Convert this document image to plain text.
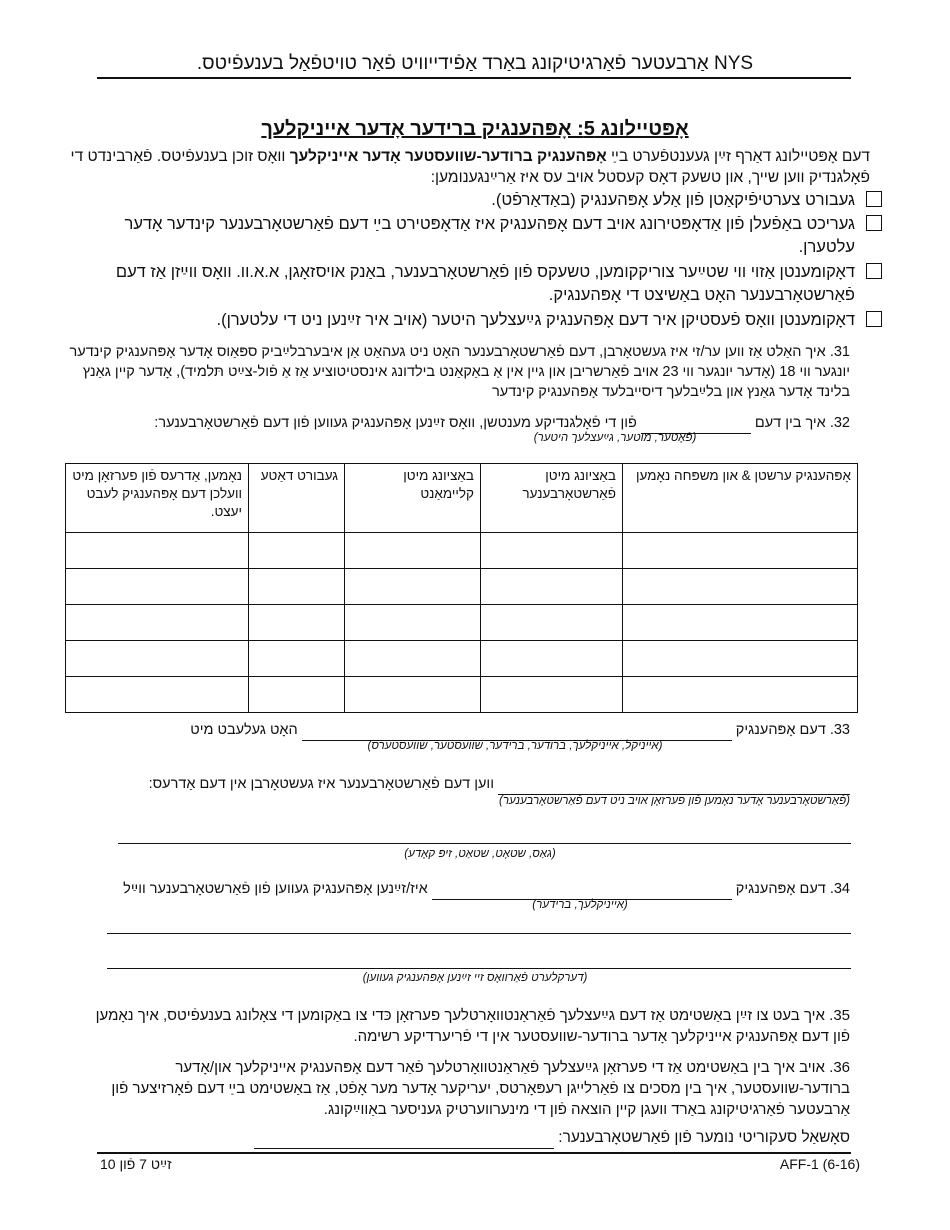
NYS אַרבעטער פֿאַרגיטיקונג באַרד אַפֿידייוויט פֿאַר טויטפֿאַל בענעפֿיטס.
אָפּטיילונג 5: אָפּהענגיק ברידער אָדער אייניקלעך
דעם אָפּטיילונג דאַרף זײַן געענטפֿערט בײַ אָפּהענגיק ברודער-שוועסטער אָדער אייניקלעך וואָס זוכן בענעפֿיטס. פֿאַרבינדט די פֿאָלגנדיק ווען שייך, און טשעק דאָס קעסטל אויב עס איז אַרײַנגענומען:
געבורט צערטיפֿיקאַטן פֿון אַלע אָפּהענגיק (באַדאַרפֿט).
געריכט באַפֿעלן פֿון אַדאָפּטירונג אויב דעם אָפּהענגיק איז אַדאָפּטירט בײַ דעם פֿאַרשטאָרבענער קינדער אָדער עלטערן.
דאָקומענטן אַזוי ווי שטײַער צוריקקומען, טשעקס פֿון פֿאַרשטאָרבענער, באַנק אויסזאָגן, א.א.וו. וואָס ווײַזן אַז דעם פֿאַרשטאָרבענער האָט באַשיצט די אָפּהענגיק.
דאָקומענטן וואָס פֿעסטיקן איר דעם אָפּהענגיק גײַעצלעך היטער (אויב איר זײַנען ניט די עלטערן).
31. איך האַלט אַז ווען ער/זי איז געשטאָרבן, דעם פֿאַרשטאָרבענער האָט ניט געהאַט אַן איבערבלײַביק ספּאַוס אָדער אָפּהענגיק קינדער יונגער ווי 18 (אָדער יונגער ווי 23 אויב פֿאַרשריבן און גיין אין אַ באַקאַנט בילדונג אינסטיטוציע אַז אַ פֿול-צײַט תּלמיד), אָדער קיין גאַנץ בלינד אָדער גאַנץ און בלײַבלעך דיסייבלעד אָפּהענגיק קינדער
32. איך בין דעם   פֿון די פֿאָלגנדיקע מענטשן, וואָס זײַנען אָפּהענגיק געווען פֿון דעם פֿאַרשטאָרבענער:
(פֿאָטער, מוטער, גײַעצלעך היטער)
אָפּהענגיק ערשטן & און משפּחה נאָמען	באַציונג מיטן פֿאַרשטאָרבענער	באַציונג מיטן קליימאַנט	געבורט דאַטע	נאָמען, אַדרעס פֿון פערזאָן מיט וועלכן דעם אָפּהענגיק לעבט יעצט.

33. דעם אָפּהענגיק   האָט געלעבט מיט
(אייניקל, אייניקלעך, ברודער, ברידער, שוועסטער, שוועסטערס)
ווען דעם פֿאַרשטאָרבענער איז געשטאָרבן אין דעם אַדרעס:
(פֿאַרשטאָרבענער אָדער נאָמען פֿון פערזאָן אויב ניט דעם פֿאַרשטאָרבענער)
(גאַס, שטאָט, שטאַט, זיפּ קאָדע)
34. דעם אָפּהענגיק   איז/זײַנען אָפּהענגיק געווען פֿון פֿאַרשטאָרבענער ווײַל
(אייניקלעך, ברידער)
(דערקלערט פֿאַרוואָס זיי זײַנען אָפּהענגיק געווען)
35. איך בעט צו זײַן באַשטימט אַז דעם גײַעצלעך פֿאַראַנטוואָרטלעך פערזאָן כּדי צו באַקומען די צאָלונג בענעפֿיטס, איך נאָמען פֿון דעם אָפּהענגיק אייניקלעך אָדער ברודער-שוועסטער אין די פֿריערדיקע רשימה.
36. אויב איך בין באַשטימט אַז די פערזאָן גײַעצלעך פֿאַראַנטוואָרטלעך פֿאַר דעם אָפּהענגיק אייניקלעך און/אָדער ברודער-שוועסטער, איך בין מסכים צו פֿאַרלייגן רעפּאָרטס, יעריקער אָדער מער אָפֿט, אַז באַשטימט בײַ דעם פֿאָרזיצער פֿון אַרבעטער פֿאַרגיטיקונג באַרד וועגן קיין הוצאה פֿון די מינערווערטיק געניסער באַווײַקונג.
סאָשאַל סעקוריטי נומער פֿון פֿאַרשטאָרבענער:
AFF-1 (6-16)
זײַט 7 פֿון 10
